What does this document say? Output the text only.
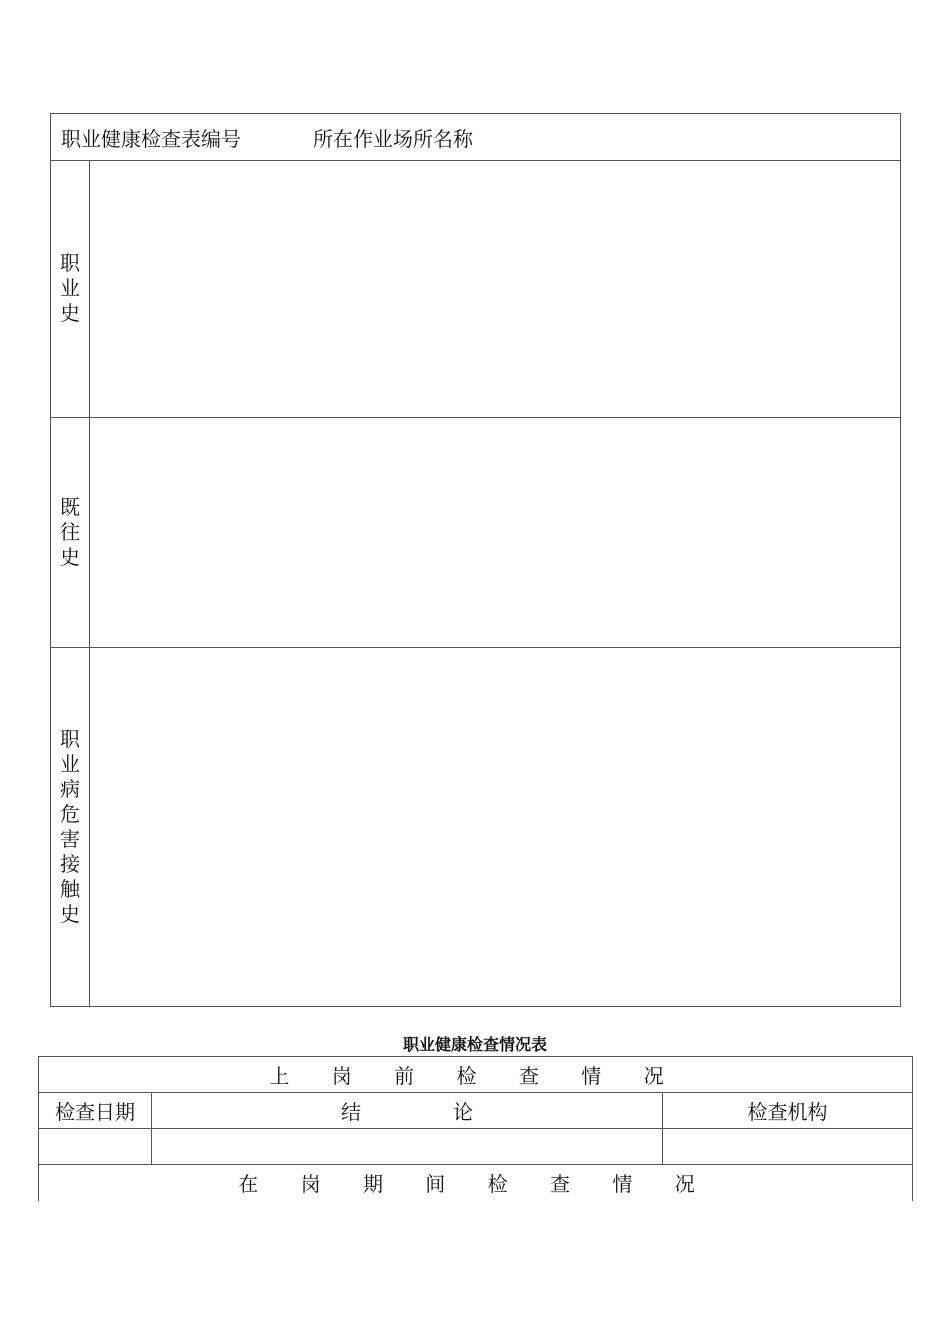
职业健康检查表编号 所在作业场所名称	
职业史	
既往史	
职业病危害接触史	
职业健康检查情况表
上 岗 前 检 查 情 况		
检查日期	结 论	检查机构

在 岗 期 间 检 查 情 况		
